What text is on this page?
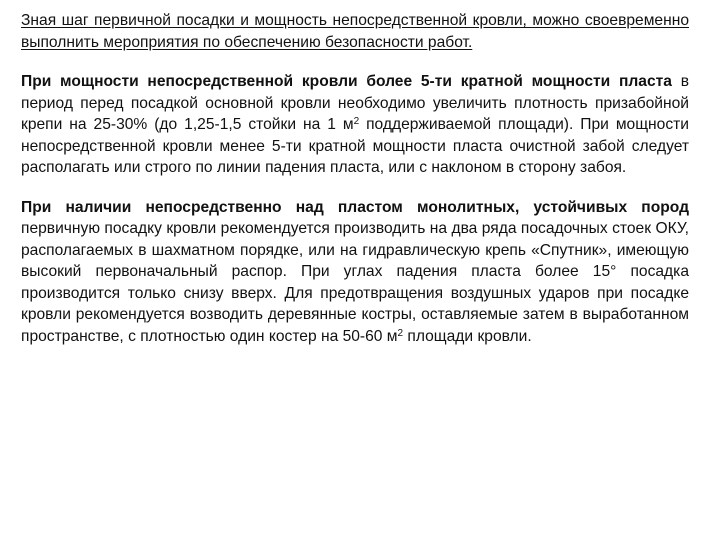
Зная шаг первичной посадки и мощность непосредственной кровли, можно своевременно выполнить мероприятия по обеспечению безопасности работ.

При мощности непосредственной кровли более 5-ти кратной мощности пласта в период перед посадкой основной кровли необходимо увеличить плотность призабойной крепи на 25-30% (до 1,25-1,5 стойки на 1 $м^2$ поддерживаемой площади). При мощности непосредственной кровли менее 5-ти кратной мощности пласта очистной забой следует располагать или строго по линии падения пласта, или с наклоном в сторону забоя.

При наличии непосредственно над пластом монолитных, устойчивых пород первичную посадку кровли рекомендуется производить на два ряда посадочных стоек ОКУ, располагаемых в шахматном порядке, или на гидравлическую крепь «Спутник», имеющую высокий первоначальный распор. При углах падения пласта более 15° посадка производится только снизу вверх. Для предотвращения воздушных ударов при посадке кровли рекомендуется возводить деревянные костры, оставляемые затем в выработанном пространстве, с плотностью один костер на 50-60 $м^2$ площади кровли.
